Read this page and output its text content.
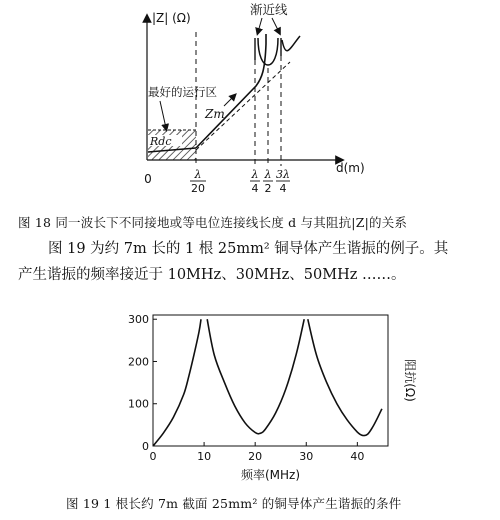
|Z| (Ω)
d(m)
0
Rdc
最好的运行区
渐近线
Zm
λ
20
λ
4
λ
2
3λ
4
图 18 同一波长下不同接地或等电位连接线长度 d 与其阻抗|Z|的关系
图 19 为约 7m 长的 1 根 25mm² 铜导体产生谐振的例子。其
产生谐振的频率接近于 10MHz、30MHz、50MHz ……。
0	10	20	30	40
0
100
200
300
频率(MHz)
阻抗(Ω)
图 19 1 根长约 7m 截面 25mm² 的铜导体产生谐振的条件
